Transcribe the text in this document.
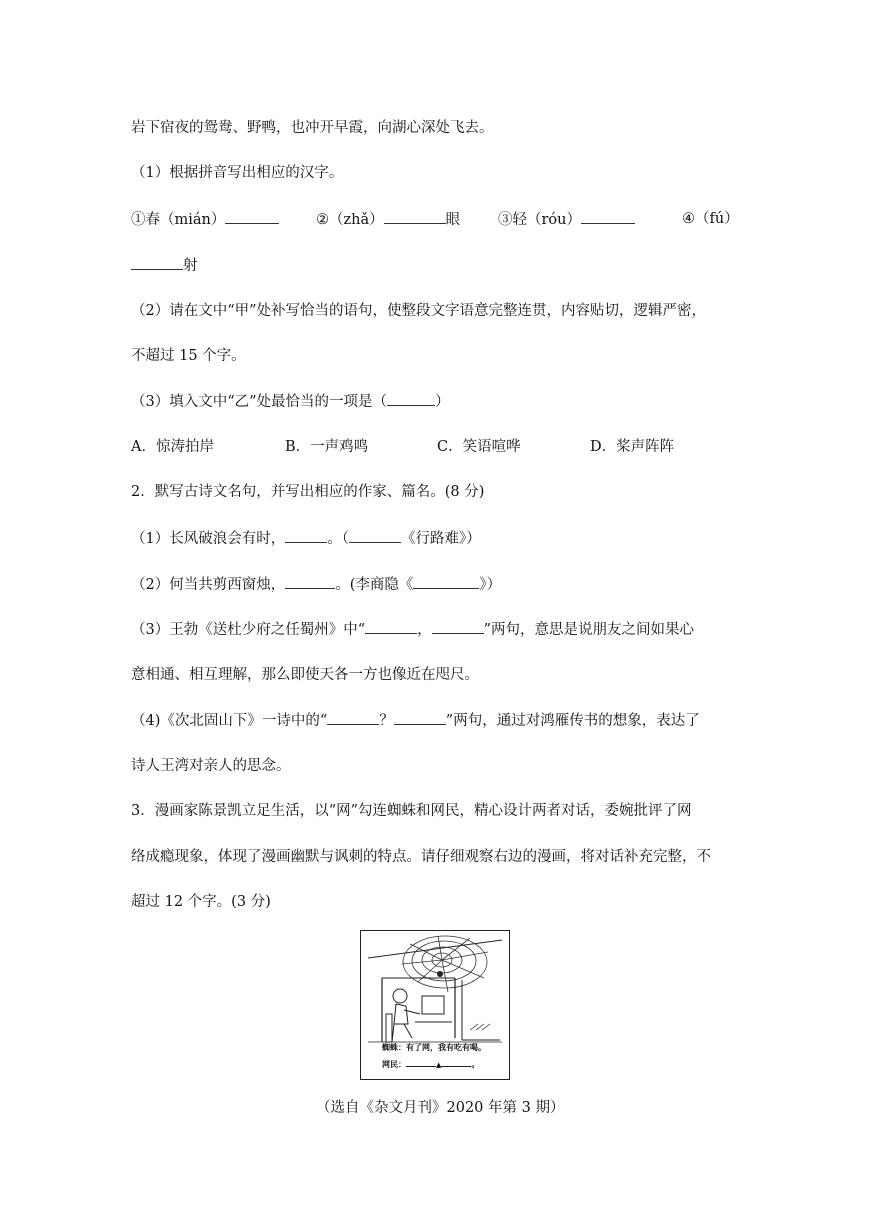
岩下宿夜的鸳鸯、野鸭，也冲开早霞，向湖心深处飞去。
（1）根据拼音写出相应的汉字。
①春（mián）	②（zhǎ）	眼	③轻（róu）	④（fú）
射
（2）请在文中“甲”处补写恰当的语句，使整段文字语意完整连贯，内容贴切，逻辑严密，
不超过 15 个字。
（3）填入文中“乙”处最恰当的一项是（	）
A．惊涛拍岸	B．一声鸡鸣	C．笑语喧哗	D．桨声阵阵
2．默写古诗文名句，并写出相应的作家、篇名。(8 分)
（1）长风破浪会有时，	。（	《行路难》）
（2）何当共剪西窗烛，	。(李商隐《	》）
（3）王勃《送杜少府之任蜀州》中“	，	”两句，意思是说朋友之间如果心
意相通、相互理解，那么即使天各一方也像近在咫尺。
（4)《次北固山下》一诗中的“	？	”两句，通过对鸿雁传书的想象，表达了
诗人王湾对亲人的思念。
3．漫画家陈景凯立足生活，以“网”勾连蜘蛛和网民，精心设计两者对话，委婉批评了网
络成瘾现象，体现了漫画幽默与讽刺的特点。请仔细观察右边的漫画，将对话补充完整，不
超过 12 个字。(3 分)
蜘蛛：有了网，我有吃有喝。
网民：	▲	。
（选自《杂文月刊》2020 年第 3 期）
